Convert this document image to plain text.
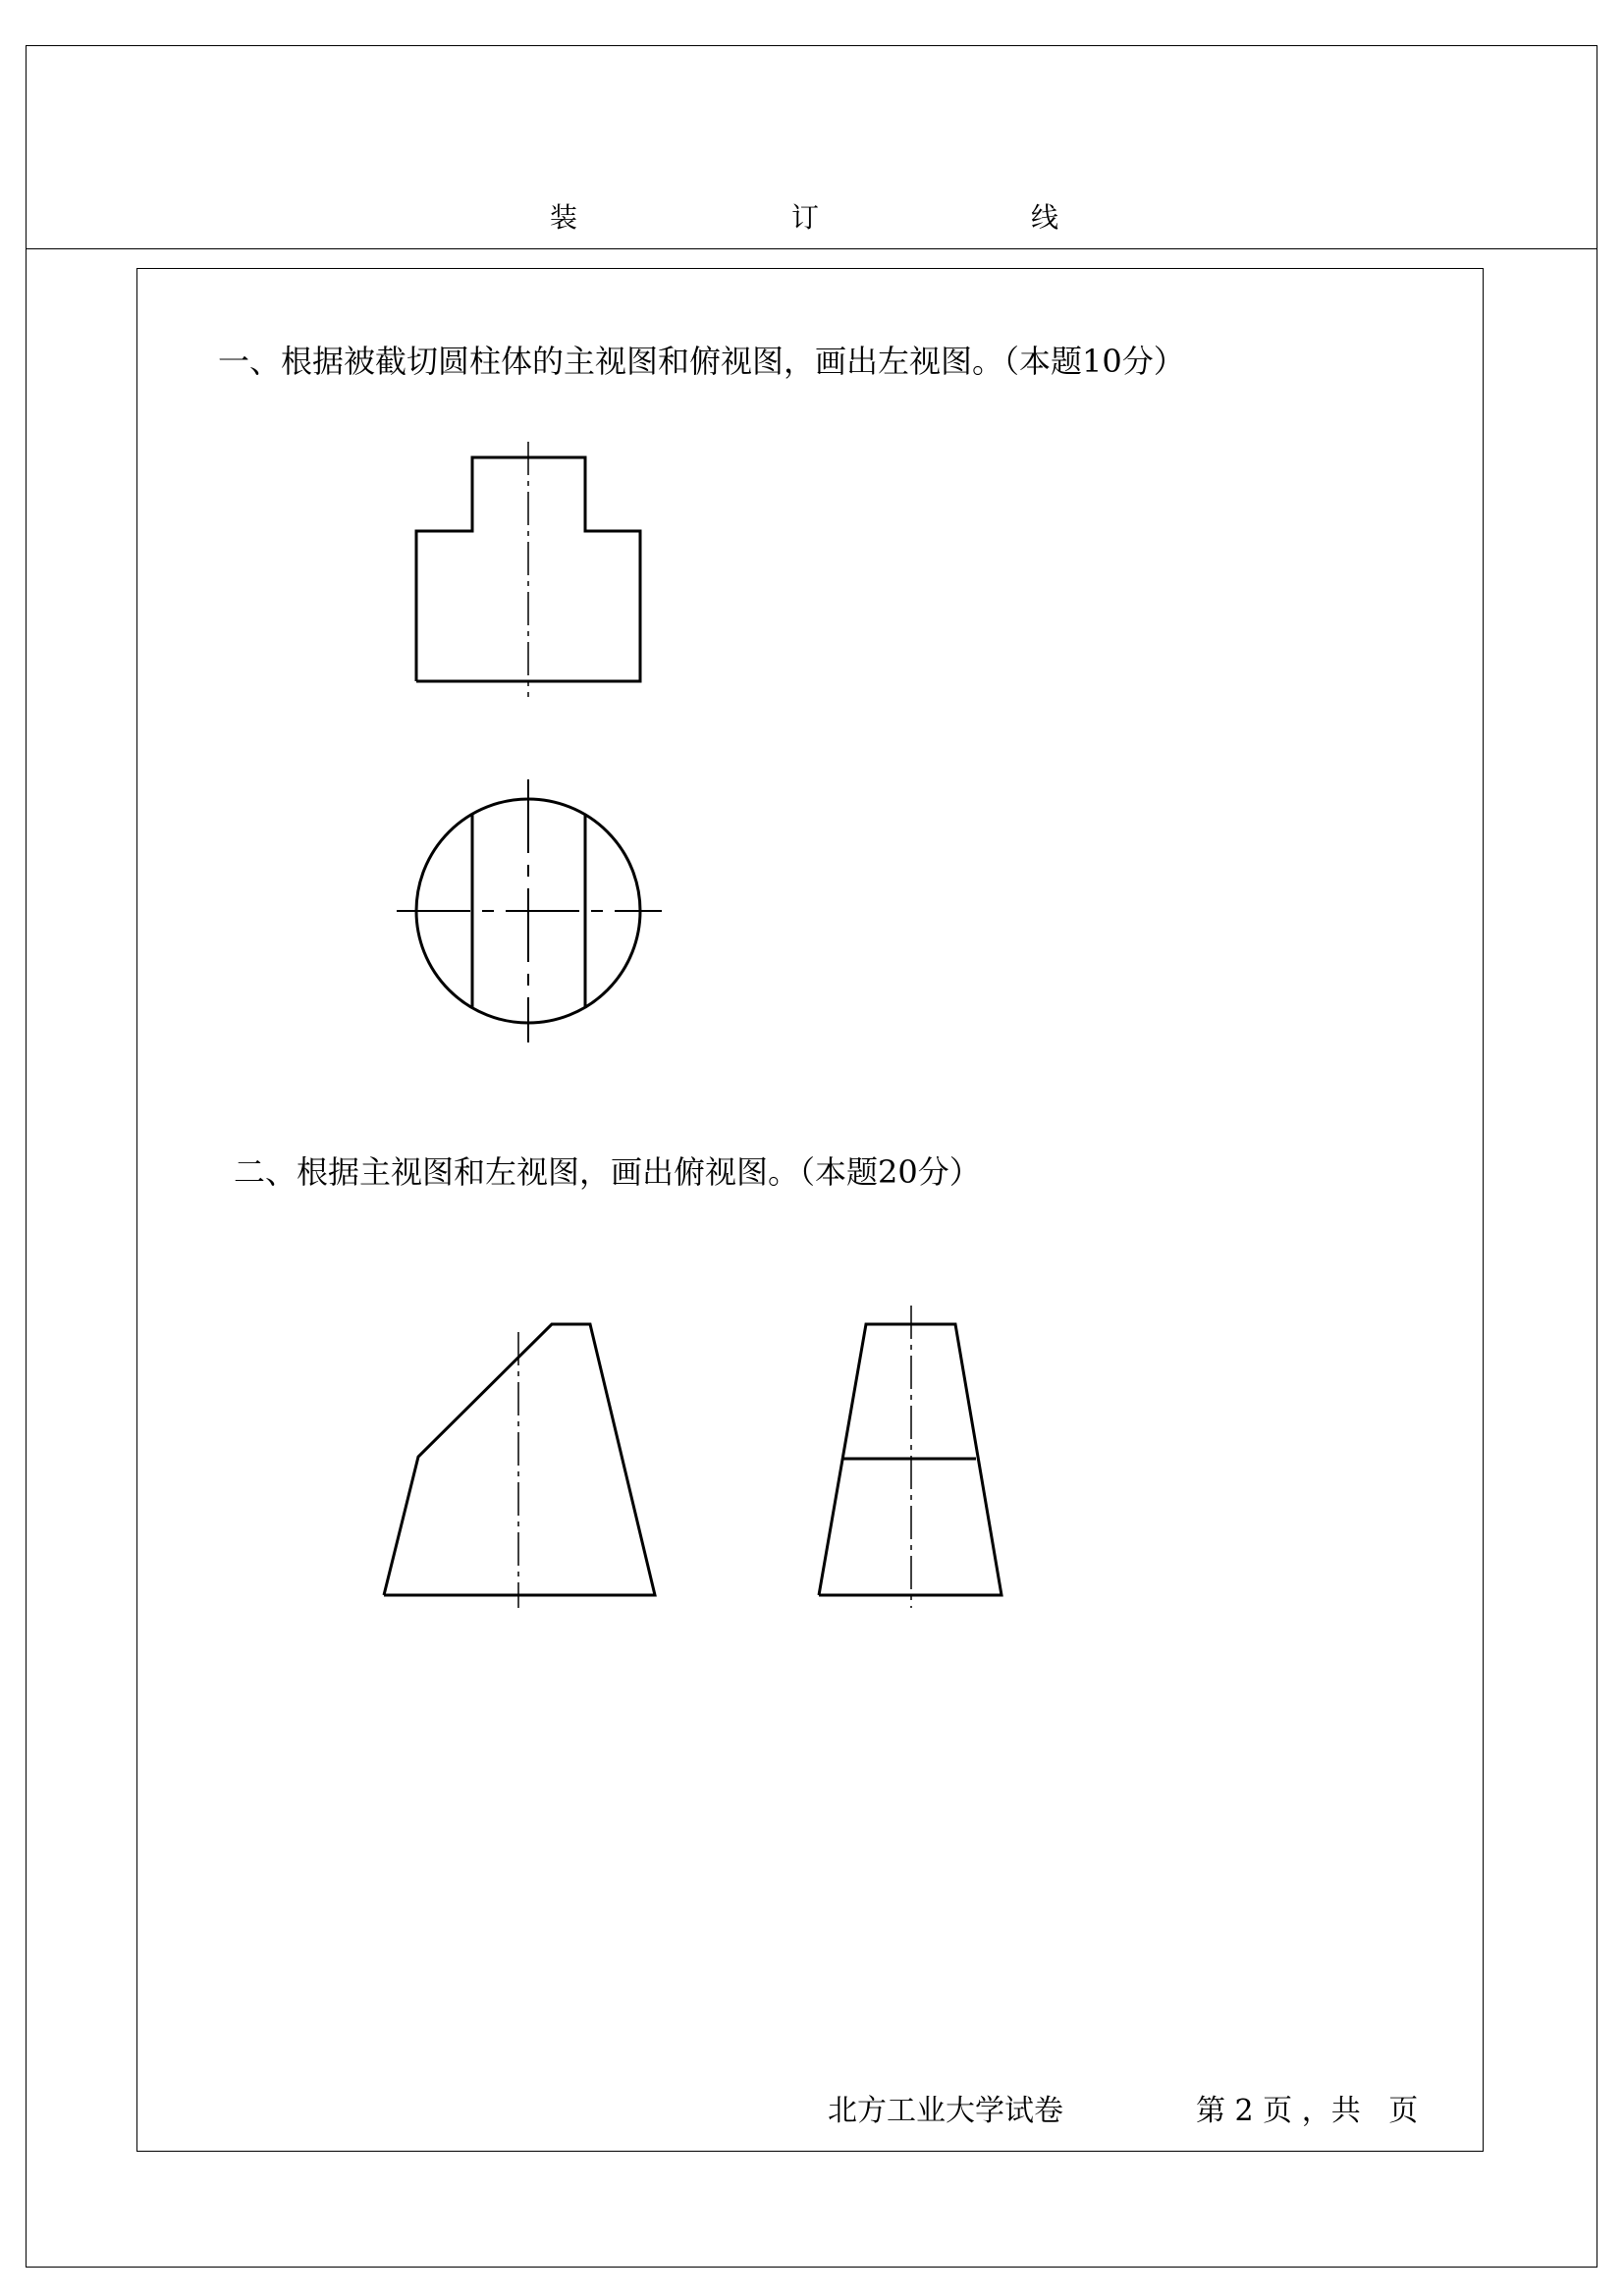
装	订	线
一、根据被截切圆柱体的主视图和俯视图，画出左视图。（本题10分）
二、根据主视图和左视图，画出俯视图。（本题20分）
北方工业大学试卷	第 2 页 ，共   页
